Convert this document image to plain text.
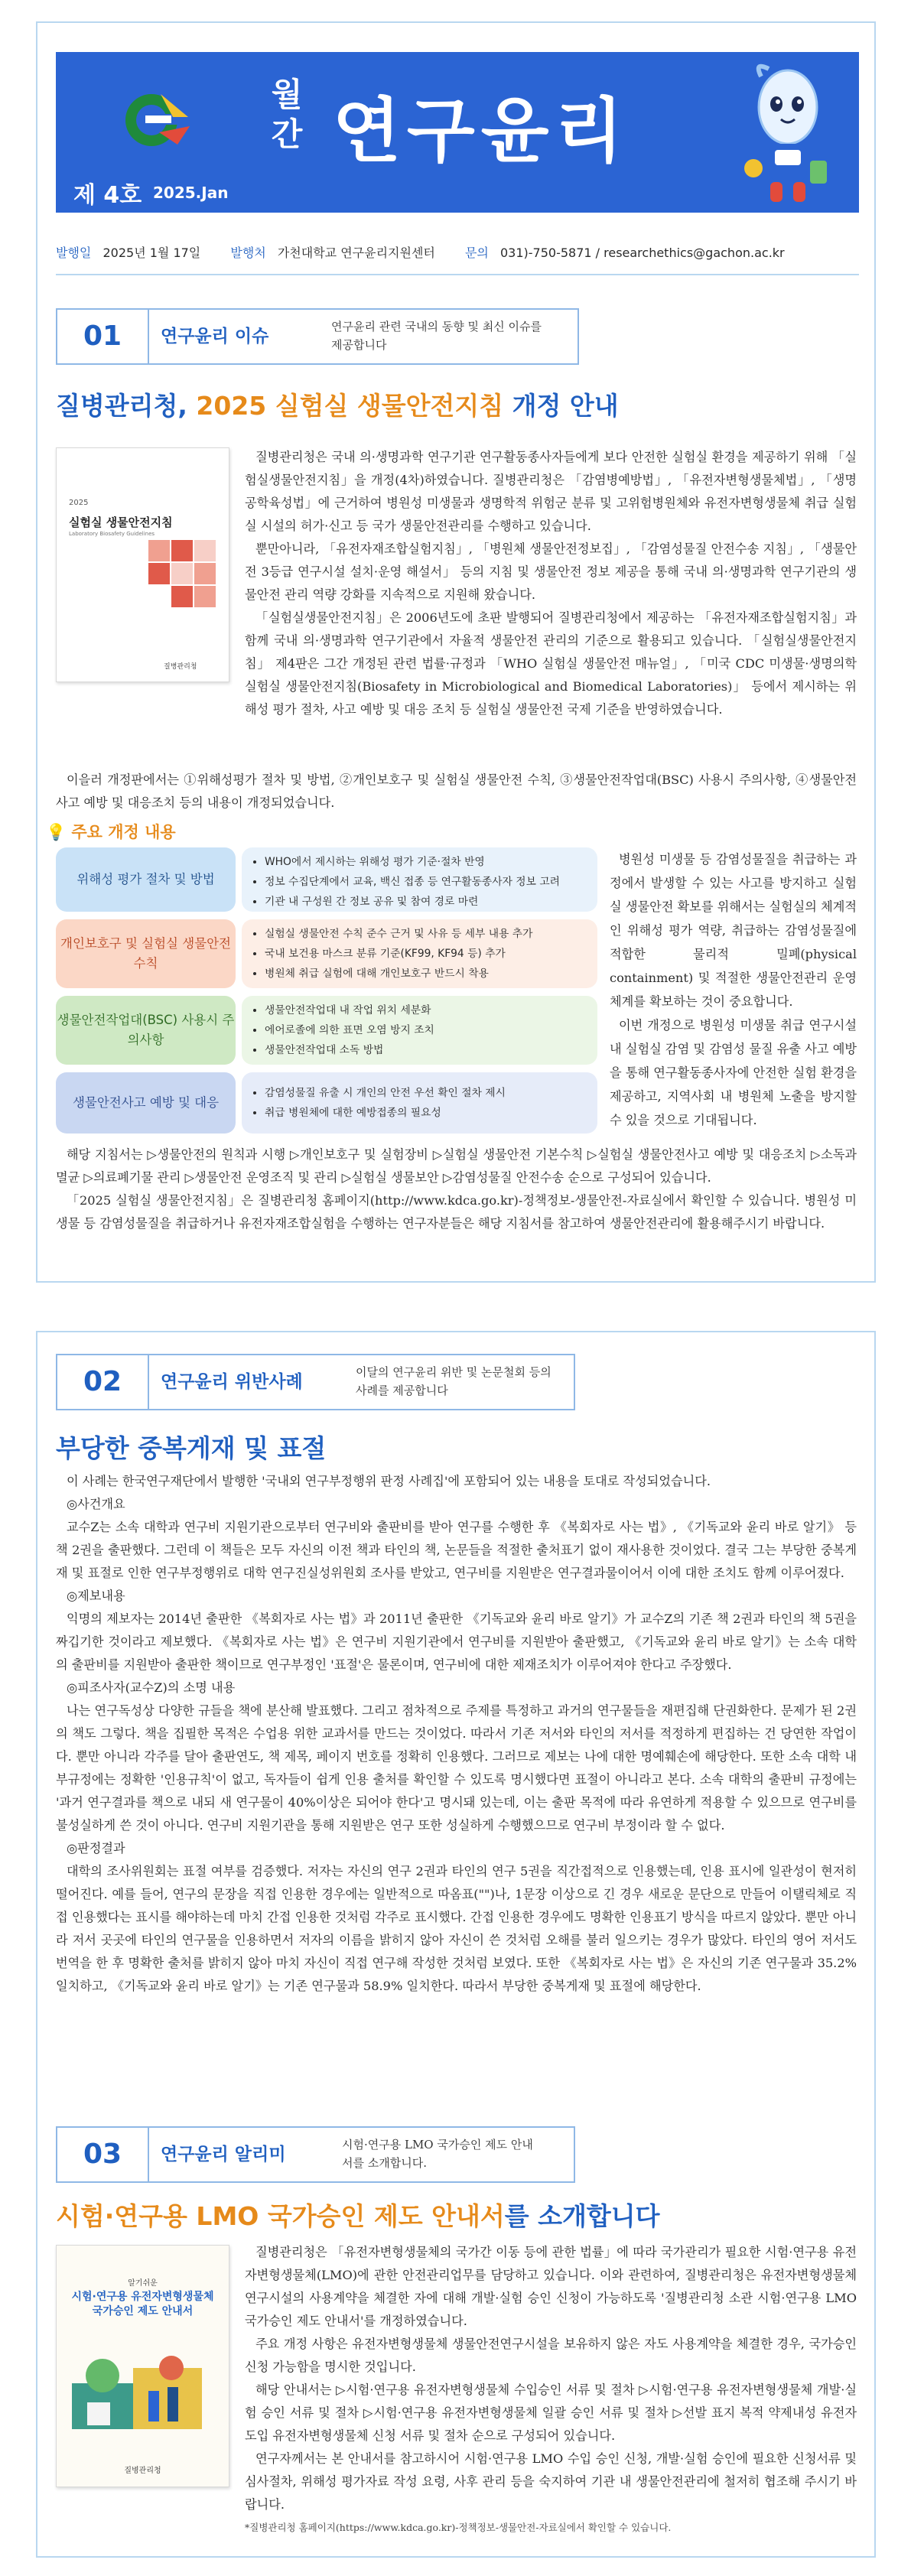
월간 연구윤리
제 4호 2025.Jan
발행일 2025년 1월 17일 발행처 가천대학교 연구윤리지원센터 문의 031)-750-5871 / researchethics@gachon.ac.kr
01	연구윤리 이슈	연구윤리 관련 국내의 동향 및 최신 이슈를 제공합니다
질병관리청, 2025 실험실 생물안전지침 개정 안내
2025
실험실 생물안전지침
Laboratory Biosafety Guidelines
질병관리청

질병관리청은 국내 의·생명과학 연구기관 연구활동종사자들에게 보다 안전한 실험실 환경을 제공하기 위해 「실험실생물안전지침」을 개정(4차)하였습니다. 질병관리청은 「감염병예방법」, 「유전자변형생물체법」, 「생명공학육성법」에 근거하여 병원성 미생물과 생명학적 위험군 분류 및 고위험병원체와 유전자변형생물체 취급 실험실 시설의 허가·신고 등 국가 생물안전관리를 수행하고 있습니다.

뿐만아니라, 「유전자재조합실험지침」, 「병원체 생물안전정보집」, 「감염성물질 안전수송 지침」, 「생물안전 3등급 연구시설 설치·운영 해설서」 등의 지침 및 생물안전 정보 제공을 통해 국내 의·생명과학 연구기관의 생물안전 관리 역량 강화를 지속적으로 지원해 왔습니다.

「실험실생물안전지침」은 2006년도에 초판 발행되어 질병관리청에서 제공하는 「유전자재조합실험지침」과 함께 국내 의·생명과학 연구기관에서 자율적 생물안전 관리의 기준으로 활용되고 있습니다. 「실험실생물안전지침」 제4판은 그간 개정된 관련 법률·규정과 「WHO 실험실 생물안전 매뉴얼」, 「미국 CDC 미생물·생명의학 실험실 생물안전지침(Biosafety in Microbiological and Biomedical Laboratories)」 등에서 제시하는 위해성 평가 절차, 사고 예방 및 대응 조치 등 실험실 생물안전 국제 기준을 반영하였습니다.

이을러 개정판에서는 ①위해성평가 절차 및 방법, ②개인보호구 및 실험실 생물안전 수칙, ③생물안전작업대(BSC) 사용시 주의사항, ④생물안전 사고 예방 및 대응조치 등의 내용이 개정되었습니다.

💡 주요 개정 내용
위해성 평가 절차 및 방법
• WHO에서 제시하는 위해성 평가 기준·절차 반영
• 정보 수집단계에서 교육, 백신 접종 등 연구활동종사자 정보 고려
• 기관 내 구성원 간 정보 공유 및 참여 경로 마련
개인보호구 및 실험실 생물안전 수칙
• 실험실 생물안전 수칙 준수 근거 및 사유 등 세부 내용 추가
• 국내 보건용 마스크 분류 기준(KF99, KF94 등) 추가
• 병원체 취급 실험에 대해 개인보호구 반드시 착용
생물안전작업대(BSC) 사용시 주의사항
• 생물안전작업대 내 작업 위치 세분화
• 에어로졸에 의한 표면 오염 방지 조치
• 생물안전작업대 소독 방법
생물안전사고 예방 및 대응
• 감염성물질 유출 시 개인의 안전 우선 확인 절차 제시
• 취급 병원체에 대한 예방접종의 필요성

병원성 미생물 등 감염성물질을 취급하는 과정에서 발생할 수 있는 사고를 방지하고 실험실 생물안전 확보를 위해서는 실험실의 체계적인 위해성 평가 역량, 취급하는 감염성물질에 적합한 물리적 밀폐(physical containment) 및 적절한 생물안전관리 운영 체계를 확보하는 것이 중요합니다.

이번 개정으로 병원성 미생물 취급 연구시설 내 실험실 감염 및 감염성 물질 유출 사고 예방을 통해 연구활동종사자에 안전한 실험 환경을 제공하고, 지역사회 내 병원체 노출을 방지할 수 있을 것으로 기대됩니다.

해당 지침서는 ▷생물안전의 원칙과 시행 ▷개인보호구 및 실험장비 ▷실험실 생물안전 기본수칙 ▷실험실 생물안전사고 예방 및 대응조치 ▷소독과 멸균 ▷의료폐기물 관리 ▷생물안전 운영조직 및 관리 ▷실험실 생물보안 ▷감염성물질 안전수송 순으로 구성되어 있습니다.

「2025 실험실 생물안전지침」은 질병관리청 홈페이지(http://www.kdca.go.kr)-정책정보-생물안전-자료실에서 확인할 수 있습니다. 병원성 미생물 등 감염성물질을 취급하거나 유전자재조합실험을 수행하는 연구자분들은 해당 지침서를 참고하여 생물안전관리에 활용해주시기 바랍니다.

02	연구윤리 위반사례	이달의 연구윤리 위반 및 논문철회 등의 사례를 제공합니다
부당한 중복게재 및 표절

이 사례는 한국연구재단에서 발행한 '국내외 연구부정행위 판정 사례집'에 포함되어 있는 내용을 토대로 작성되었습니다.

◎사건개요

교수Z는 소속 대학과 연구비 지원기관으로부터 연구비와 출판비를 받아 연구를 수행한 후 《복회자로 사는 법》, 《기독교와 윤리 바로 알기》 등 책 2권을 출판했다. 그런데 이 책들은 모두 자신의 이전 책과 타인의 책, 논문들을 적절한 출처표기 없이 재사용한 것이었다. 결국 그는 부당한 중복게재 및 표절로 인한 연구부정행위로 대학 연구진실성위원회 조사를 받았고, 연구비를 지원받은 연구결과물이어서 이에 대한 조치도 함께 이루어졌다.

◎제보내용

익명의 제보자는 2014년 출판한 《복회자로 사는 법》과 2011년 출판한 《기독교와 윤리 바로 알기》가 교수Z의 기존 책 2권과 타인의 책 5권을 짜깁기한 것이라고 제보했다. 《복회자로 사는 법》은 연구비 지원기관에서 연구비를 지원받아 출판했고, 《기독교와 윤리 바로 알기》는 소속 대학의 출판비를 지원받아 출판한 책이므로 연구부정인 '표절'은 물론이며, 연구비에 대한 제재조치가 이루어져야 한다고 주장했다.

◎피조사자(교수Z)의 소명 내용

나는 연구독성상 다양한 규들을 책에 분산해 발표했다. 그리고 점차적으로 주제를 특정하고 과거의 연구물들을 재편집해 단권화한다. 문제가 된 2권의 책도 그렇다. 책을 집필한 목적은 수업용 위한 교과서를 만드는 것이었다. 따라서 기존 저서와 타인의 저서를 적정하게 편집하는 건 당연한 작업이다. 뿐만 아니라 각주를 달아 출판연도, 책 제목, 페이지 번호를 정확히 인용했다. 그러므로 제보는 나에 대한 명예훼손에 해당한다. 또한 소속 대학 내부규정에는 정확한 '인용규칙'이 없고, 독자들이 쉽게 인용 출처를 확인할 수 있도록 명시했다면 표절이 아니라고 본다. 소속 대학의 출판비 규정에는 '과거 연구결과를 책으로 내되 새 연구물이 40%이상은 되어야 한다'고 명시돼 있는데, 이는 출판 목적에 따라 유연하게 적용할 수 있으므로 연구비를 불성실하게 쓴 것이 아니다. 연구비 지원기관을 통해 지원받은 연구 또한 성실하게 수행했으므로 연구비 부정이라 할 수 없다.

◎판정결과

대학의 조사위원회는 표절 여부를 검증했다. 저자는 자신의 연구 2권과 타인의 연구 5권을 직간접적으로 인용했는데, 인용 표시에 일관성이 현저히 떨어진다. 예를 들어, 연구의 문장을 직접 인용한 경우에는 일반적으로 따옴표("")나, 1문장 이상으로 긴 경우 새로운 문단으로 만들어 이탤릭체로 직접 인용했다는 표시를 해야하는데 마치 간접 인용한 것처럼 각주로 표시했다. 간접 인용한 경우에도 명확한 인용표기 방식을 따르지 않았다. 뿐만 아니라 저서 곳곳에 타인의 연구물을 인용하면서 저자의 이름을 밝히지 않아 자신이 쓴 것처럼 오해를 불러 일으키는 경우가 많았다. 타인의 영어 저서도 번역을 한 후 명확한 출처를 밝히지 않아 마치 자신이 직접 연구해 작성한 것처럼 보였다. 또한 《복회자로 사는 법》은 자신의 기존 연구물과 35.2%일치하고, 《기독교와 윤리 바로 알기》는 기존 연구물과 58.9% 일치한다. 따라서 부당한 중복게재 및 표절에 해당한다.

03	연구윤리 알리미	시험·연구용 LMO 국가승인 제도 안내서를 소개합니다.
시험·연구용 LMO 국가승인 제도 안내서를 소개합니다
알기쉬운
시험·연구용 유전자변형생물체 국가승인 제도 안내서
질병관리청

질병관리청은 「유전자변형생물체의 국가간 이동 등에 관한 법률」에 따라 국가관리가 필요한 시험·연구용 유전자변형생물체(LMO)에 관한 안전관리업무를 담당하고 있습니다. 이와 관련하여, 질병관리청은 유전자변형생물체 연구시설의 사용계약을 체결한 자에 대해 개발·실험 승인 신청이 가능하도록 '질병관리청 소관 시험·연구용 LMO 국가승인 제도 안내서'를 개정하였습니다.

주요 개정 사항은 유전자변형생물체 생물안전연구시설을 보유하지 않은 자도 사용계약을 체결한 경우, 국가승인 신청 가능함을 명시한 것입니다.

해당 안내서는 ▷시험·연구용 유전자변형생물체 수입승인 서류 및 절차 ▷시험·연구용 유전자변형생물체 개발·실험 승인 서류 및 절차 ▷시험·연구용 유전자변형생물체 일괄 승인 서류 및 절차 ▷선발 표지 복적 약제내성 유전자 도입 유전자변형생물체 신청 서류 및 절차 순으로 구성되어 있습니다.

연구자께서는 본 안내서를 참고하시어 시험·연구용 LMO 수입 승인 신청, 개발·실험 승인에 필요한 신청서류 및 심사절차, 위해성 평가자료 작성 요령, 사후 관리 등을 숙지하여 기관 내 생물안전관리에 철저히 협조해 주시기 바랍니다.

*질병관리청 홈페이지(https://www.kdca.go.kr)-정책정보-생물안전-자료실에서 확인할 수 있습니다.
